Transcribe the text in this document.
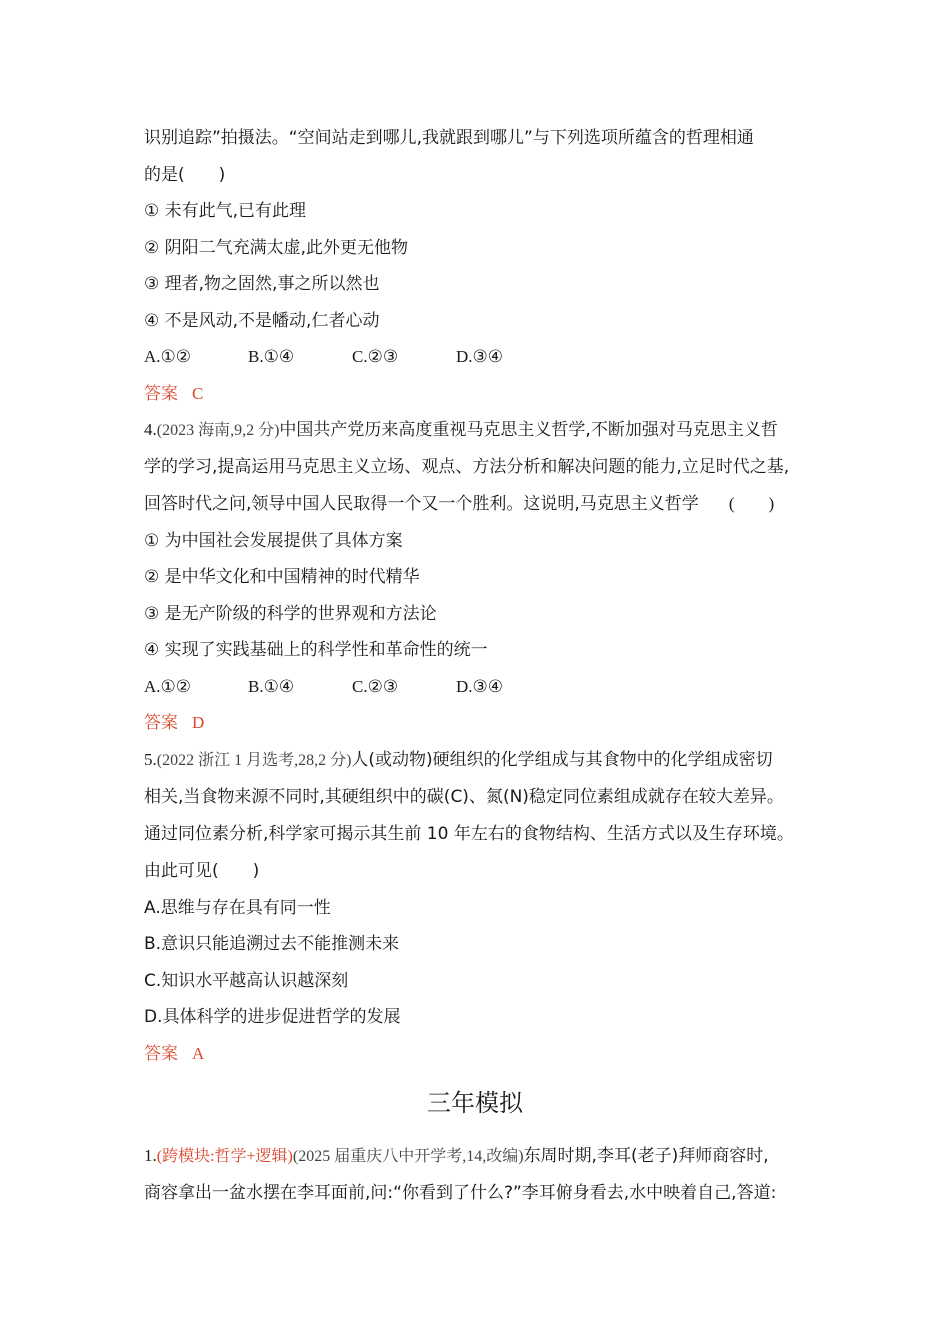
识别追踪”拍摄法。“空间站走到哪儿,我就跟到哪儿”与下列选项所蕴含的哲理相通
的是(　　)
① 未有此气,已有此理
② 阴阳二气充满太虚,此外更无他物
③ 理者,物之固然,事之所以然也
④ 不是风动,不是幡动,仁者心动
A.①②	B.①④	C.②③	D.③④
答案 C
4.(2023 海南,9,2 分)中国共产党历来高度重视马克思主义哲学,不断加强对马克思主义哲
学的学习,提高运用马克思主义立场、观点、方法分析和解决问题的能力,立足时代之基,
回答时代之问,领导中国人民取得一个又一个胜利。这说明,马克思主义哲学 (　　)
① 为中国社会发展提供了具体方案
② 是中华文化和中国精神的时代精华
③ 是无产阶级的科学的世界观和方法论
④ 实现了实践基础上的科学性和革命性的统一
A.①②	B.①④	C.②③	D.③④
答案 D
5.(2022 浙江 1 月选考,28,2 分)人(或动物)硬组织的化学组成与其食物中的化学组成密切
相关,当食物来源不同时,其硬组织中的碳(C)、氮(N)稳定同位素组成就存在较大差异。
通过同位素分析,科学家可揭示其生前 10 年左右的食物结构、生活方式以及生存环境。
由此可见(　　)
A.思维与存在具有同一性
B.意识只能追溯过去不能推测未来
C.知识水平越高认识越深刻
D.具体科学的进步促进哲学的发展
答案 A
三年模拟
1.(跨模块:哲学+逻辑)(2025 届重庆八中开学考,14,改编)东周时期,李耳(老子)拜师商容时,
商容拿出一盆水摆在李耳面前,问:“你看到了什么?”李耳俯身看去,水中映着自己,答道:
